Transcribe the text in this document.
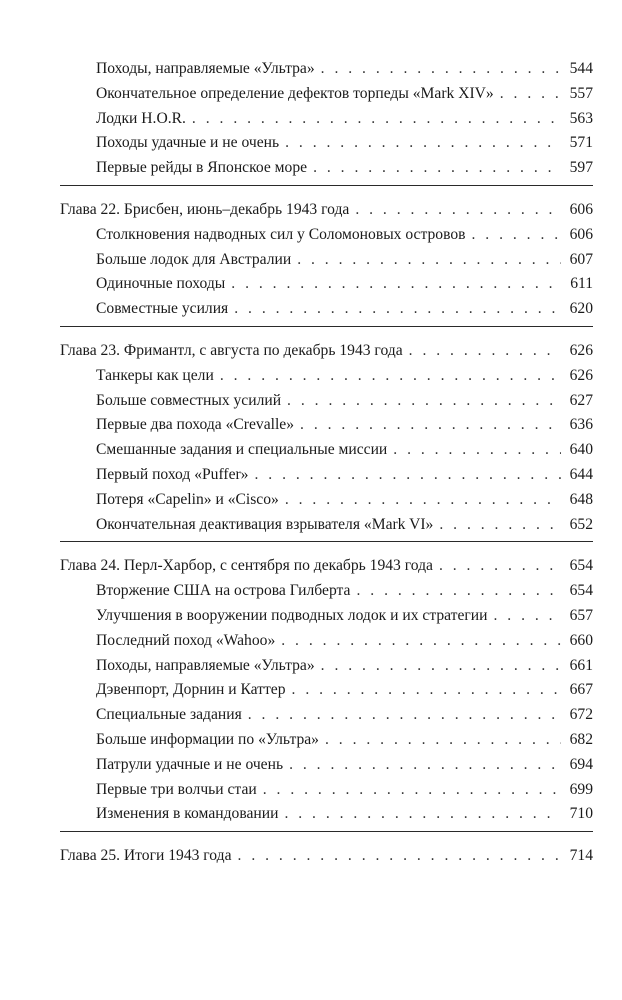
Походы, направляемые «Ультра» . . .	544
Окончательное определение дефектов торпеды «Mark XIV» . . .	557
Лодки H.O.R. . . .	563
Походы удачные и не очень . . .	571
Первые рейды в Японское море . . .	597
Глава 22. Брисбен, июнь–декабрь 1943 года . . .	606
Столкновения надводных сил у Соломоновых островов . . .	606
Больше лодок для Австралии . . .	607
Одиночные походы . . .	611
Совместные усилия . . .	620
Глава 23. Фримантл, с августа по декабрь 1943 года . . .	626
Танкеры как цели . . .	626
Больше совместных усилий . . .	627
Первые два похода «Crevalle» . . .	636
Смешанные задания и специальные миссии . . .	640
Первый поход «Puffer» . . .	644
Потеря «Capelin» и «Cisco» . . .	648
Окончательная деактивация взрывателя «Mark VI» . . .	652
Глава 24. Перл-Харбор, с сентября по декабрь 1943 года . . .	654
Вторжение США на острова Гилберта . . .	654
Улучшения в вооружении подводных лодок и их стратегии . . .	657
Последний поход «Wahoo» . . .	660
Походы, направляемые «Ультра» . . .	661
Дэвенпорт, Дорнин и Каттер . . .	667
Специальные задания . . .	672
Больше информации по «Ультра» . . .	682
Патрули удачные и не очень . . .	694
Первые три волчьи стаи . . .	699
Изменения в командовании . . .	710
Глава 25. Итоги 1943 года . . .	714
